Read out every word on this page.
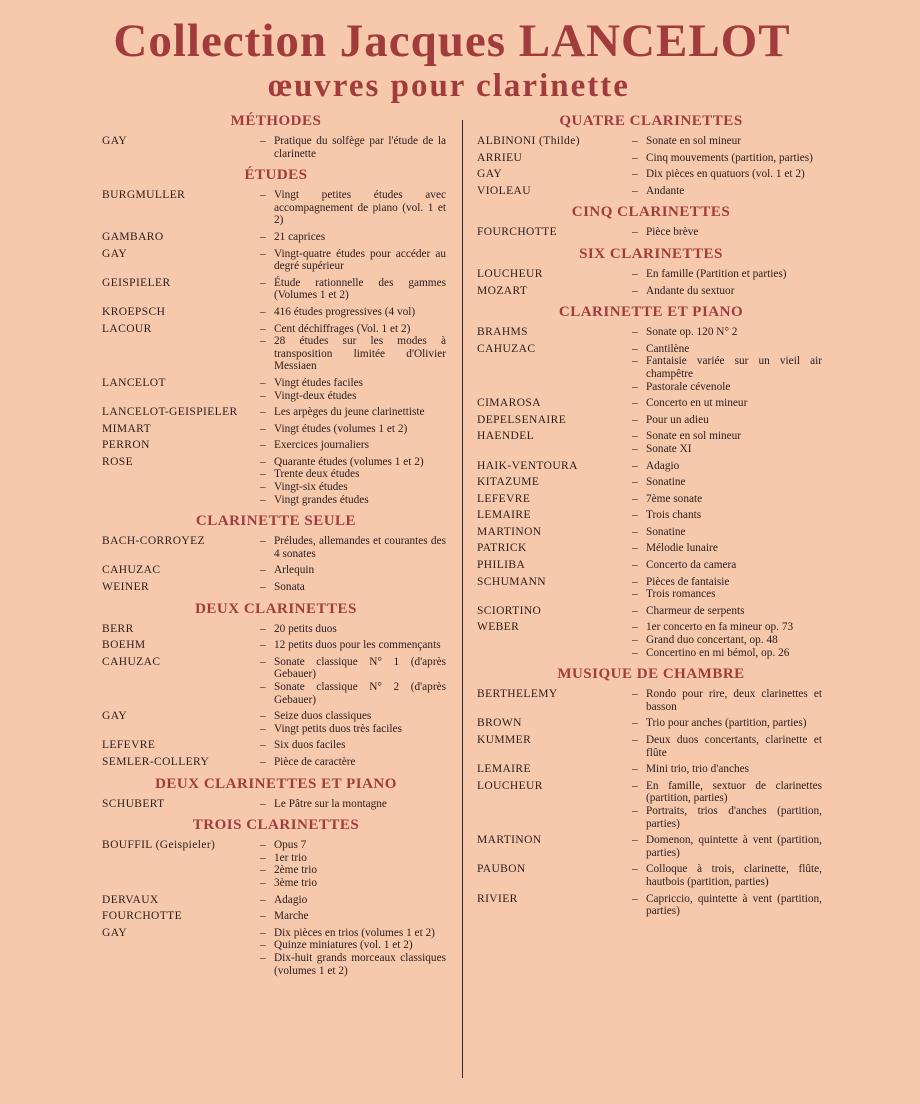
Collection Jacques LANCELOT
œuvres pour clarinette
MÉTHODES
GAY	– Pratique du solfège par l'étude de la clarinette
ÉTUDES
BURGMULLER	– Vingt petites études avec accompagnement de piano (vol. 1 et 2)
GAMBARO	– 21 caprices
GAY	– Vingt-quatre études pour accéder au degré supérieur
GEISPIELER	– Étude rationnelle des gammes (Volumes 1 et 2)
KROEPSCH	– 416 études progressives (4 vol)
LACOUR	– Cent déchiffrages (Vol. 1 et 2)
– 28 études sur les modes à transposition limitée d'Olivier Messiaen
LANCELOT	– Vingt études faciles
– Vingt-deux études
LANCELOT-GEISPIELER	– Les arpèges du jeune clarinettiste
MIMART	– Vingt études (volumes 1 et 2)
PERRON	– Exercices journaliers
ROSE	– Quarante études (volumes 1 et 2)
– Trente deux études
– Vingt-six études
– Vingt grandes études
CLARINETTE SEULE
BACH-CORROYEZ	– Préludes, allemandes et courantes des 4 sonates
CAHUZAC	– Arlequin
WEINER	– Sonata
DEUX CLARINETTES
BERR	– 20 petits duos
BOEHM	– 12 petits duos pour les commençants
CAHUZAC	– Sonate classique N° 1 (d'après Gebauer)
– Sonate classique N° 2 (d'après Gebauer)
GAY	– Seize duos classiques
– Vingt petits duos très faciles
LEFEVRE	– Six duos faciles
SEMLER-COLLERY	– Pièce de caractère
DEUX CLARINETTES ET PIANO
SCHUBERT	– Le Pâtre sur la montagne
TROIS CLARINETTES
BOUFFIL (Geispieler)	– Opus 7
– 1er trio
– 2ème trio
– 3ème trio
DERVAUX	– Adagio
FOURCHOTTE	– Marche
GAY	– Dix pièces en trios (volumes 1 et 2)
– Quinze miniatures (vol. 1 et 2)
– Dix-huit grands morceaux classiques (volumes 1 et 2)
QUATRE CLARINETTES
ALBINONI (Thilde)	– Sonate en sol mineur
ARRIEU	– Cinq mouvements (partition, parties)
GAY	– Dix pièces en quatuors (vol. 1 et 2)
VIOLEAU	– Andante
CINQ CLARINETTES
FOURCHOTTE	– Pièce brève
SIX CLARINETTES
LOUCHEUR	– En famille (Partition et parties)
MOZART	– Andante du sextuor
CLARINETTE ET PIANO
BRAHMS	– Sonate op. 120 N° 2
CAHUZAC	– Cantilène
– Fantaisie variée sur un vieil air champêtre
– Pastorale cévenole
CIMAROSA	– Concerto en ut mineur
DEPELSENAIRE	– Pour un adieu
HAENDEL	– Sonate en sol mineur
– Sonate XI
HAIK-VENTOURA	– Adagio
KITAZUME	– Sonatine
LEFEVRE	– 7ème sonate
LEMAIRE	– Trois chants
MARTINON	– Sonatine
PATRICK	– Mélodie lunaire
PHILIBA	– Concerto da camera
SCHUMANN	– Pièces de fantaisie
– Trois romances
SCIORTINO	– Charmeur de serpents
WEBER	– 1er concerto en fa mineur op. 73
– Grand duo concertant, op. 48
– Concertino en mi bémol, op. 26
MUSIQUE DE CHAMBRE
BERTHELEMY	– Rondo pour rire, deux clarinettes et basson
BROWN	– Trio pour anches (partition, parties)
KUMMER	– Deux duos concertants, clarinette et flûte
LEMAIRE	– Mini trio, trio d'anches
LOUCHEUR	– En famille, sextuor de clarinettes (partition, parties)
– Portraits, trios d'anches (partition, parties)
MARTINON	– Domenon, quintette à vent (partition, parties)
PAUBON	– Colloque à trois, clarinette, flûte, hautbois (partition, parties)
RIVIER	– Capriccio, quintette à vent (partition, parties)
